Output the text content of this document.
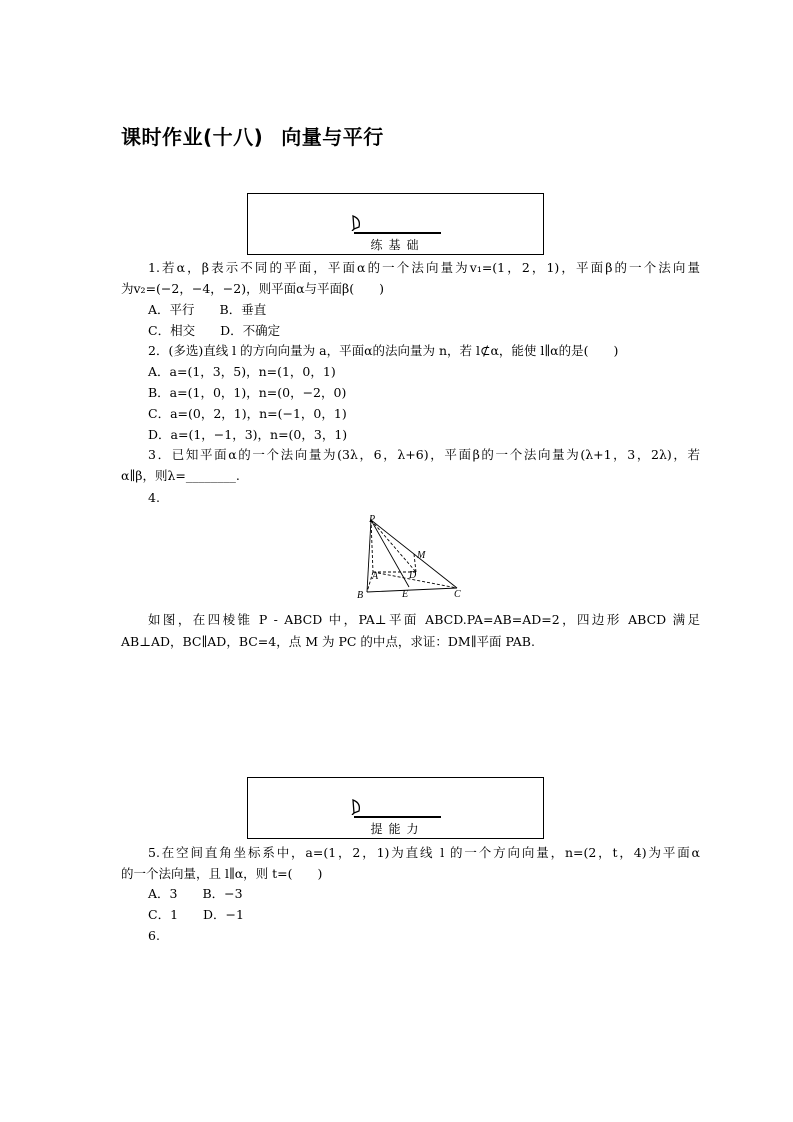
课时作业(十八) 向量与平行
练基础
1.若α，β表示不同的平面，平面α的一个法向量为v₁=(1，2，1)，平面β的一个法向量
为v₂=(−2，−4，−2)，则平面α与平面β(　　)
A．平行　　B．垂直
C．相交　　D．不确定
2．(多选)直线 l 的方向向量为 a，平面α的法向量为 n，若 l⊄α，能使 l∥α的是(　　)
A．a=(1，3，5)，n=(1，0，1)
B．a=(1，0，1)，n=(0，−2，0)
C．a=(0，2，1)，n=(−1，0，1)
D．a=(1，−1，3)，n=(0，3，1)
3．已知平面α的一个法向量为(3λ，6，λ+6)，平面β的一个法向量为(λ+1，3，2λ)，若
α∥β，则λ=________.
4.
P
M
A	D
B	E	C
如图，在四棱锥 P - ABCD 中，PA⊥平面 ABCD.PA=AB=AD=2，四边形 ABCD 满足
AB⊥AD，BC∥AD，BC=4，点 M 为 PC 的中点，求证：DM∥平面 PAB.
提能力
5.在空间直角坐标系中，a=(1，2，1)为直线 l 的一个方向向量，n=(2，t，4)为平面α
的一个法向量，且 l∥α，则 t=(　　)
A．3　　B．−3
C．1　　D．−1
6.
